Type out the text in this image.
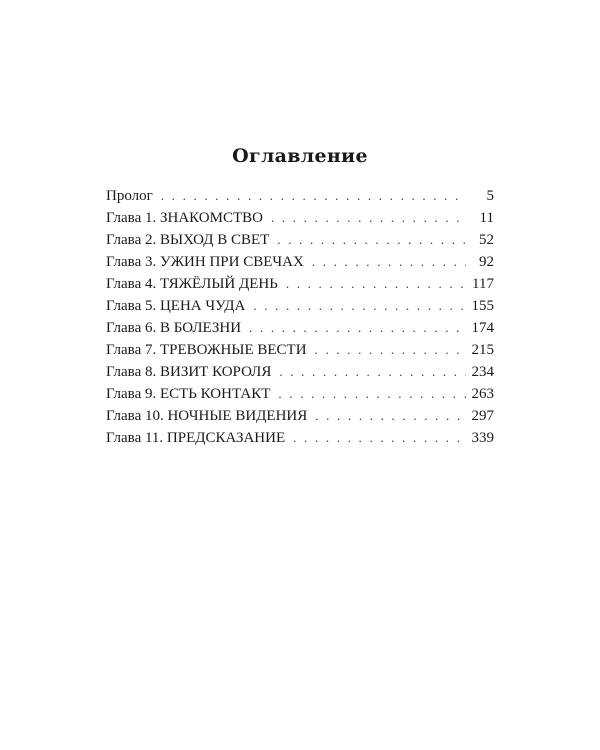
Оглавление
Пролог . . .	5
Глава 1. ЗНАКОМСТВО . . .	11
Глава 2. ВЫХОД В СВЕТ . . .	52
Глава 3. УЖИН ПРИ СВЕЧАХ . . .	92
Глава 4. ТЯЖЁЛЫЙ ДЕНЬ . . .	117
Глава 5. ЦЕНА ЧУДА . . .	155
Глава 6. В БОЛЕЗНИ . . .	174
Глава 7. ТРЕВОЖНЫЕ ВЕСТИ . . .	215
Глава 8. ВИЗИТ КОРОЛЯ . . .	234
Глава 9. ЕСТЬ КОНТАКТ . . .	263
Глава 10. НОЧНЫЕ ВИДЕНИЯ . . .	297
Глава 11. ПРЕДСКАЗАНИЕ . . .	339
